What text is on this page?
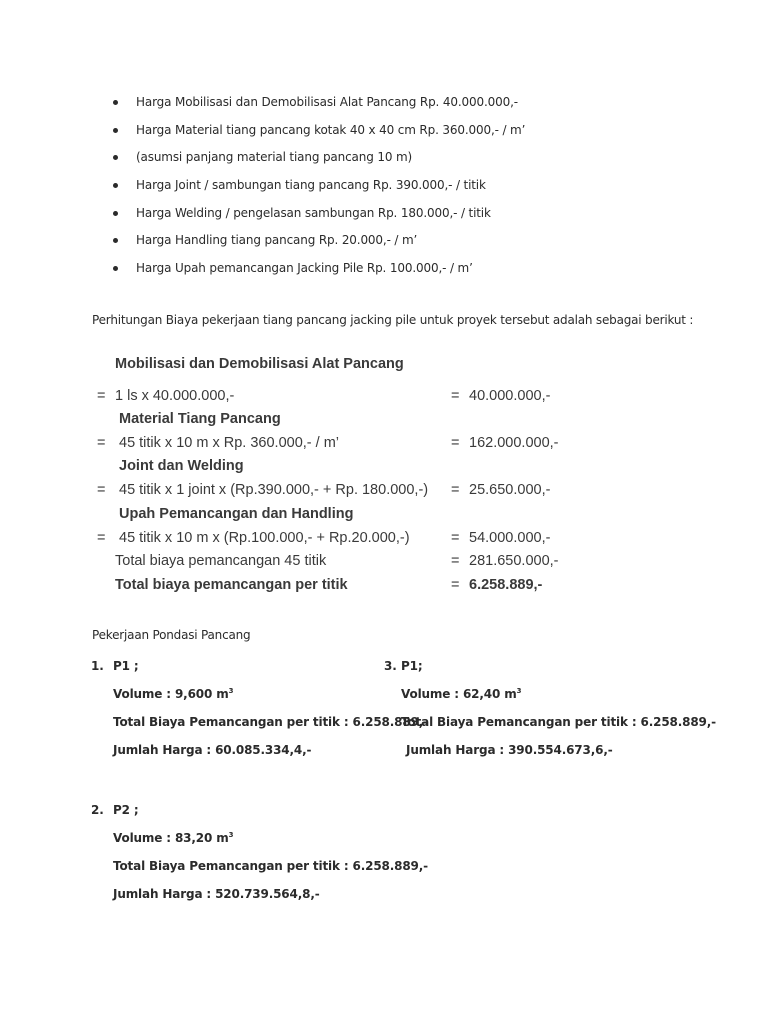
Harga Mobilisasi dan Demobilisasi Alat Pancang Rp. 40.000.000,-
Harga Material tiang pancang kotak 40 x 40 cm Rp. 360.000,- / m’
(asumsi panjang material tiang pancang 10 m)
Harga Joint / sambungan tiang pancang Rp. 390.000,- / titik
Harga Welding / pengelasan sambungan Rp. 180.000,- / titik
Harga Handling tiang pancang Rp. 20.000,- / m’
Harga Upah pemancangan Jacking Pile Rp. 100.000,- / m’
Perhitungan Biaya pekerjaan tiang pancang jacking pile untuk proyek tersebut adalah sebagai berikut :
Mobilisasi dan Demobilisasi Alat Pancang
= 1 ls x 40.000.000,-	= 40.000.000,-
Material Tiang Pancang
= 45 titik x 10 m x Rp. 360.000,- / m’	= 162.000.000,-
Joint dan Welding
= 45 titik x 1 joint x (Rp.390.000,- + Rp. 180.000,-) = 25.650.000,-
Upah Pemancangan dan Handling
= 45 titik x 10 m x (Rp.100.000,- + Rp.20.000,-)	= 54.000.000,-
Total biaya pemancangan 45 titik	= 281.650.000,-
Total biaya pemancangan per titik	= 6.258.889,-
Pekerjaan Pondasi Pancang
1. P1 ;
Volume : 9,600 $m^3$
Total Biaya Pemancangan per titik : 6.258.889,-
Jumlah Harga : 60.085.334,4,-
3. P1;
Volume : 62,40 $m^3$
Total Biaya Pemancangan per titik : 6.258.889,-
Jumlah Harga : 390.554.673,6,-
2. P2 ;
Volume : 83,20 $m^3$
Total Biaya Pemancangan per titik : 6.258.889,-
Jumlah Harga : 520.739.564,8,-
